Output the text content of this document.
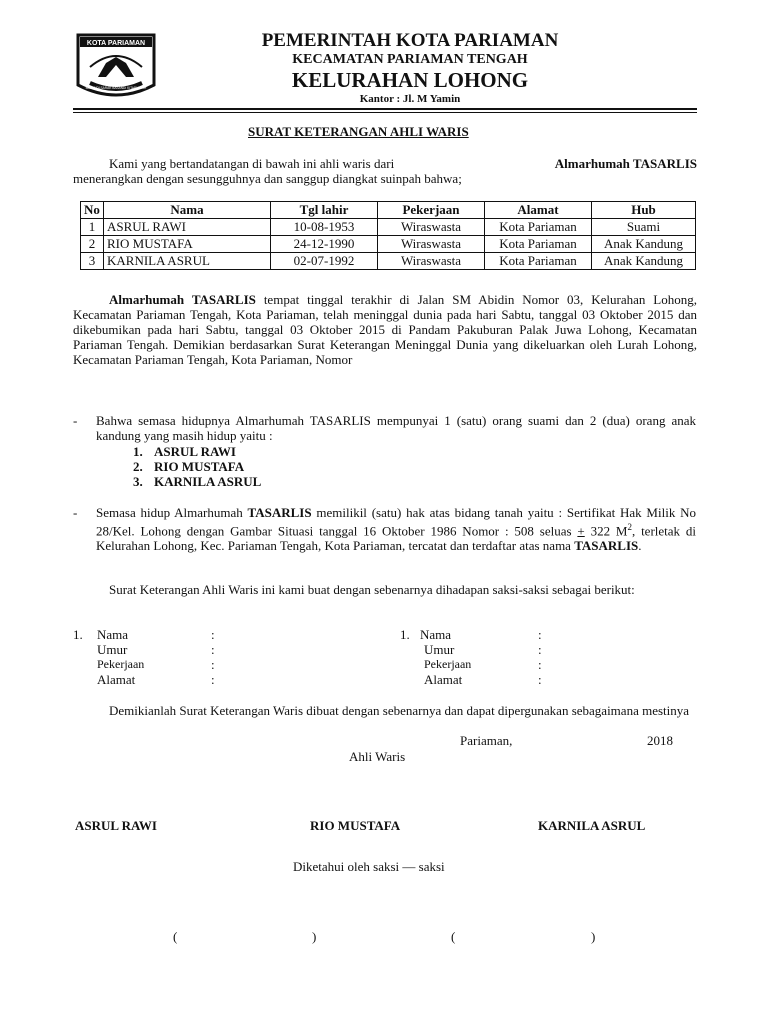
KOTA PARIAMAN
BASANDI SARAK BASANDI KITABULLAH
PEMERINTAH KOTA PARIAMAN
KECAMATAN PARIAMAN TENGAH
KELURAHAN LOHONG
Kantor : Jl. M Yamin
SURAT KETERANGAN AHLI WARIS
Kami yang bertandatangan di bawah ini ahli waris dari	Almarhumah TASARLIS

menerangkan dengan sesungguhnya dan sanggup diangkat suinpah bahwa;
No	Nama	Tgl lahir	Pekerjaan	Alamat	Hub
1	ASRUL RAWI	10-08-1953	Wiraswasta	Kota Pariaman	Suami
2	RIO MUSTAFA	24-12-1990	Wiraswasta	Kota Pariaman	Anak Kandung
3	KARNILA ASRUL	02-07-1992	Wiraswasta	Kota Pariaman	Anak Kandung
Almarhumah TASARLIS tempat tinggal terakhir di Jalan SM Abidin Nomor 03, Kelurahan Lohong, Kecamatan Pariaman Tengah, Kota Pariaman, telah meninggal dunia pada hari Sabtu, tanggal 03 Oktober 2015 dan dikebumikan pada hari Sabtu, tanggal 03 Oktober 2015 di Pandam Pakuburan Palak Juwa Lohong, Kecamatan Pariaman Tengah. Demikian berdasarkan Surat Keterangan Meninggal Dunia yang dikeluarkan oleh Lurah Lohong, Kecamatan Pariaman Tengah, Kota Pariaman, Nomor
- Bahwa semasa hidupnya Almarhumah TASARLIS mempunyai 1 (satu) orang suami dan 2 (dua) orang anak kandung yang masih hidup yaitu :
1. ASRUL RAWI
2. RIO MUSTAFA
3. KARNILA ASRUL
- Semasa hidup Almarhumah TASARLIS memilikil (satu) hak atas bidang tanah yaitu : Sertifikat Hak Milik No 28/Kel. Lohong dengan Gambar Situasi tanggal 16 Oktober 1986 Nomor : 508 seluas + 322 $M^2$, terletak di Kelurahan Lohong, Kec. Pariaman Tengah, Kota Pariaman, tercatat dan terdaftar atas nama TASARLIS.
Surat Keterangan Ahli Waris ini kami buat dengan sebenarnya dihadapan saksi-saksi sebagai berikut:
1. Nama	:
Umur	:
Pekerjaan	:
Alamat	:
1. Nama	:
Umur	:
Pekerjaan	:
Alamat	:
Demikianlah Surat Keterangan Waris dibuat dengan sebenarnya dan dapat dipergunakan sebagaimana mestinya
Pariaman,	2018
Ahli Waris
ASRUL RAWI	RIO MUSTAFA	KARNILA ASRUL
Diketahui oleh saksi — saksi
(	)	(	)
